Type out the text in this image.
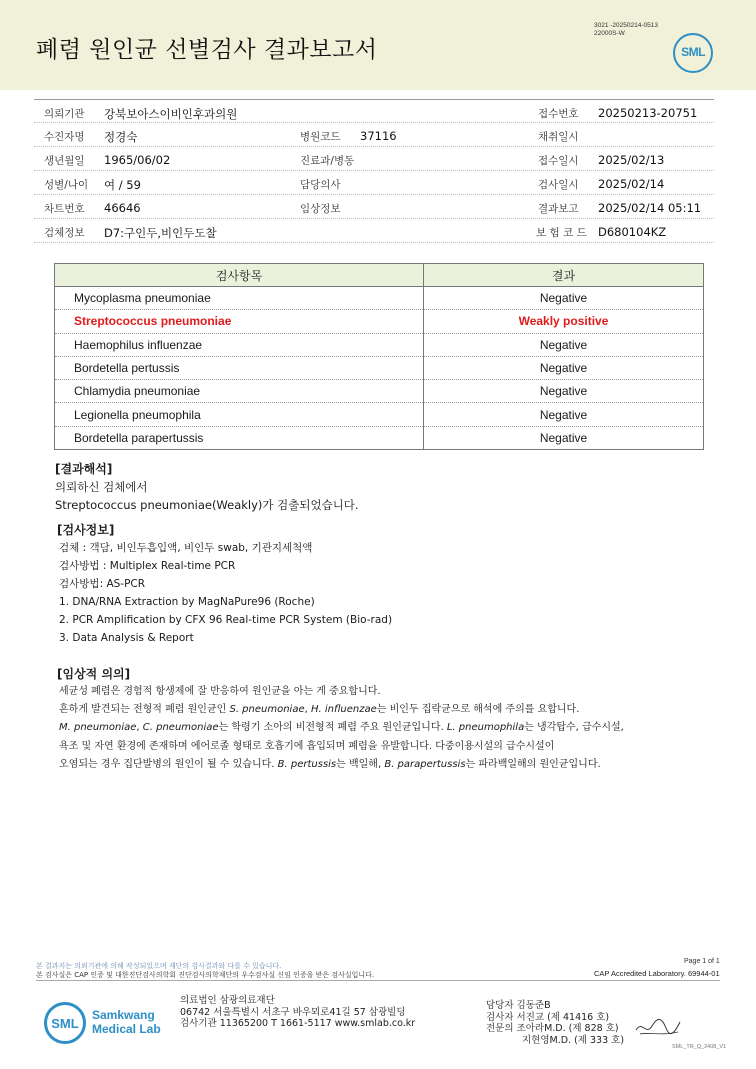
폐렴 원인균 선별검사 결과보고서
3021 -20250214-0513
22000S-W
SML
의뢰기관 강북보아스이비인후과의원	접수번호 20250213-20751
수진자명 정경숙	병원코드 37116	채취일시
생년월일 1965/06/02	진료과/병동	접수일시 2025/02/13
성별/나이 여 / 59	담당의사	검사일시 2025/02/14
차트번호 46646	임상정보	결과보고 2025/02/14 05:11
검체정보 D7:구인두,비인두도찰	보 험 코 드 D680104KZ
검사항목	결과
Mycoplasma pneumoniae	Negative
Streptococcus pneumoniae	Weakly positive
Haemophilus influenzae	Negative
Bordetella pertussis	Negative
Chlamydia pneumoniae	Negative
Legionella pneumophila	Negative
Bordetella parapertussis	Negative
[결과해석]
의뢰하신 검체에서
Streptococcus pneumoniae(Weakly)가 검출되었습니다.
[검사정보]
검체 : 객담, 비인두흡입액, 비인두 swab, 기관지세척액
검사방법 : Multiplex Real-time PCR
검사방법: AS-PCR
1. DNA/RNA Extraction by MagNaPure96 (Roche)
2. PCR Amplification by CFX 96 Real-time PCR System (Bio-rad)
3. Data Analysis & Report
[임상적 의의]
세균성 폐렴은 경험적 항생제에 잘 반응하여 원인균을 아는 게 중요합니다.
흔하게 발견되는 전형적 폐렴 원인균인 S. pneumoniae, H. influenzae는 비인두 집락균으로 해석에 주의를 요합니다.
M. pneumoniae, C. pneumoniae는 학령기 소아의 비전형적 폐렴 주요 원인균입니다. L. pneumophila는 냉각탑수, 급수시설,
욕조 및 자연 환경에 존재하며 에어로졸 형태로 호흡기에 흡입되며 폐렴을 유발합니다. 다중이용시설의 급수시설이
오염되는 경우 집단발병의 원인이 될 수 있습니다. B. pertussis는 백일해, B. parapertussis는 파라백일해의 원인균입니다.
Page 1 of 1
본 결과지는 의뢰기관에 의해 작성되었으며 재단의 검사결과와 다를 수 있습니다.
본 검사실은 CAP 인증 및 대한진단검사의학회 진단검사의학재단의 우수검사실 신임 인증을 받은 검사실입니다.	CAP Accredited Laboratory. 69944-01
SML
Samkwang
Medical Lab
의료법인 삼광의료재단
06742 서울특별시 서초구 바우뫼로41길 57 삼광빌딩
검사기관 11365200 T 1661-5117 www.smlab.co.kr
담당자 김동준B
검사자 서진교 (제 41416 호)
전문의 조아라M.D. (제 828 호)
지현영M.D. (제 333 호)
SML_TR_Q_2408_V1
